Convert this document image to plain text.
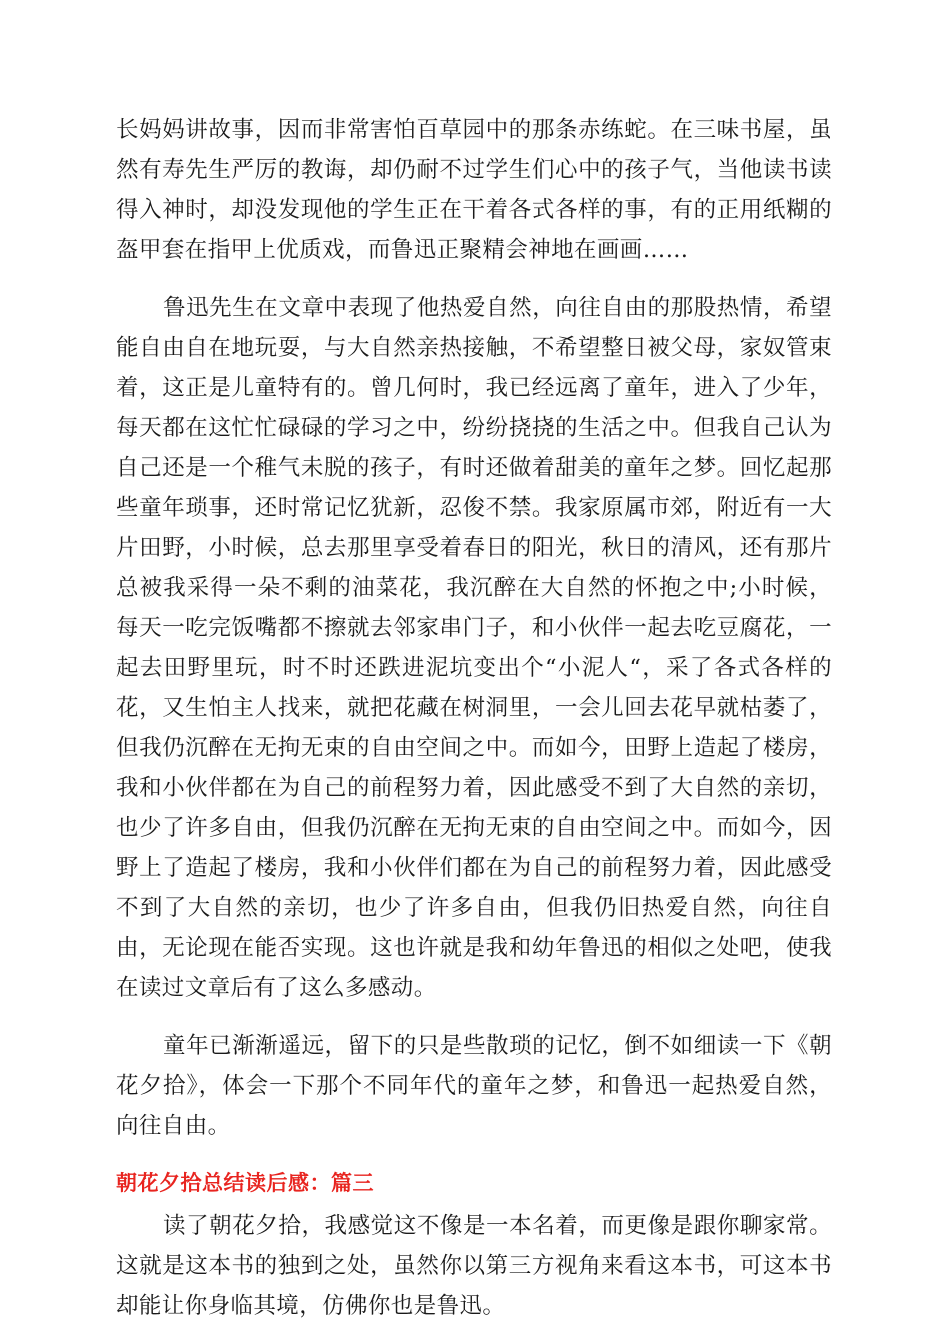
长妈妈讲故事，因而非常害怕百草园中的那条赤练蛇。在三味书屋，虽然有寿先生严厉的教诲，却仍耐不过学生们心中的孩子气，当他读书读得入神时，却没发现他的学生正在干着各式各样的事，有的正用纸糊的盔甲套在指甲上优质戏，而鲁迅正聚精会神地在画画……

鲁迅先生在文章中表现了他热爱自然，向往自由的那股热情，希望能自由自在地玩耍，与大自然亲热接触，不希望整日被父母，家奴管束着，这正是儿童特有的。曾几何时，我已经远离了童年，进入了少年，每天都在这忙忙碌碌的学习之中，纷纷挠挠的生活之中。但我自己认为自己还是一个稚气未脱的孩子，有时还做着甜美的童年之梦。回忆起那些童年琐事，还时常记忆犹新，忍俊不禁。我家原属市郊，附近有一大片田野，小时候，总去那里享受着春日的阳光，秋日的清风，还有那片总被我采得一朵不剩的油菜花，我沉醉在大自然的怀抱之中;小时候，每天一吃完饭嘴都不擦就去邻家串门子，和小伙伴一起去吃豆腐花，一起去田野里玩，时不时还跌进泥坑变出个“小泥人“，采了各式各样的花，又生怕主人找来，就把花藏在树洞里，一会儿回去花早就枯萎了，但我仍沉醉在无拘无束的自由空间之中。而如今，田野上造起了楼房，我和小伙伴都在为自己的前程努力着，因此感受不到了大自然的亲切，也少了许多自由，但我仍沉醉在无拘无束的自由空间之中。而如今，因野上了造起了楼房，我和小伙伴们都在为自己的前程努力着，因此感受不到了大自然的亲切，也少了许多自由，但我仍旧热爱自然，向往自由，无论现在能否实现。这也许就是我和幼年鲁迅的相似之处吧，使我在读过文章后有了这么多感动。

童年已渐渐遥远，留下的只是些散琐的记忆，倒不如细读一下《朝花夕拾》，体会一下那个不同年代的童年之梦，和鲁迅一起热爱自然，向往自由。

朝花夕拾总结读后感：篇三

读了朝花夕拾，我感觉这不像是一本名着，而更像是跟你聊家常。这就是这本书的独到之处，虽然你以第三方视角来看这本书，可这本书却能让你身临其境，仿佛你也是鲁迅。
